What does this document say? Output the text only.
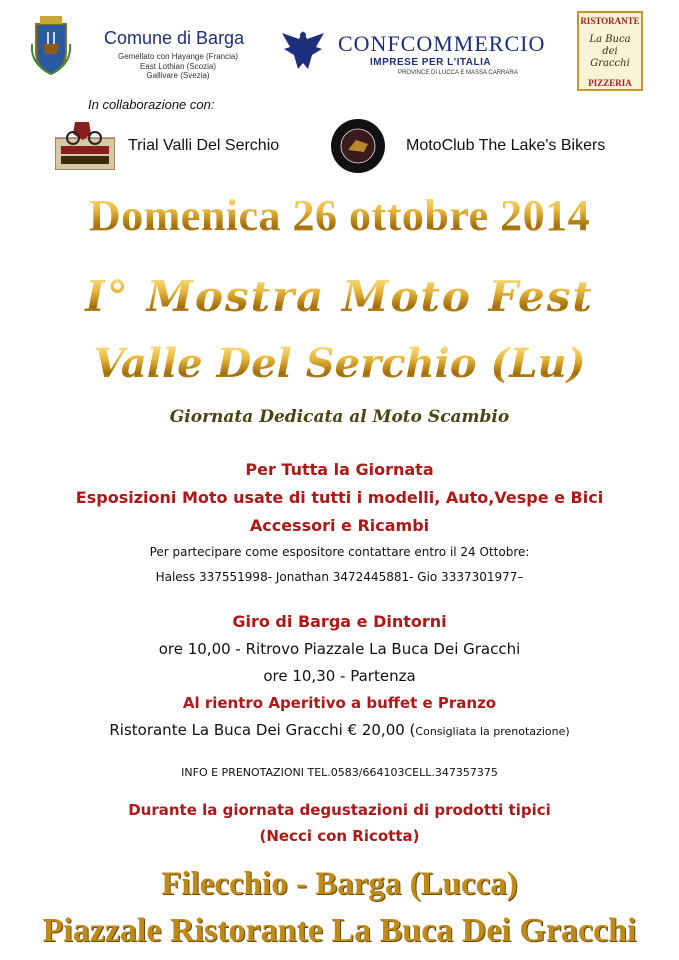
Comune di Barga
Gemellato con Hayange (Francia)
East Lothian (Scozia)
Gallivare (Svezia)
CONFCOMMERCIO
IMPRESE PER L'ITALIA
PROVINCE DI LUCCA E MASSA CARRARA
RISTORANTE
La Buca dei Gracchi
PIZZERIA
In collaborazione con:
Trial Valli Del Serchio	MotoClub The Lake's Bikers
Domenica 26 ottobre 2014
I° Mostra Moto Fest
Valle Del Serchio (Lu)
Giornata Dedicata al Moto Scambio
Per Tutta la Giornata
Esposizioni Moto usate di tutti i modelli, Auto,Vespe e Bici
Accessori e Ricambi
Per partecipare come espositore contattare entro il 24 Ottobre:
Haless 337551998- Jonathan 3472445881- Gio 3337301977–
Giro di Barga e Dintorni
ore 10,00 - Ritrovo Piazzale La Buca Dei Gracchi
ore 10,30 - Partenza
Al rientro Aperitivo a buffet e Pranzo
Ristorante La Buca Dei Gracchi € 20,00 (Consigliata la prenotazione)
INFO E PRENOTAZIONI TEL.0583/664103CELL.347357375
Durante la giornata degustazioni di prodotti tipici
(Necci con Ricotta)
Filecchio - Barga (Lucca)
Piazzale Ristorante La Buca Dei Gracchi
